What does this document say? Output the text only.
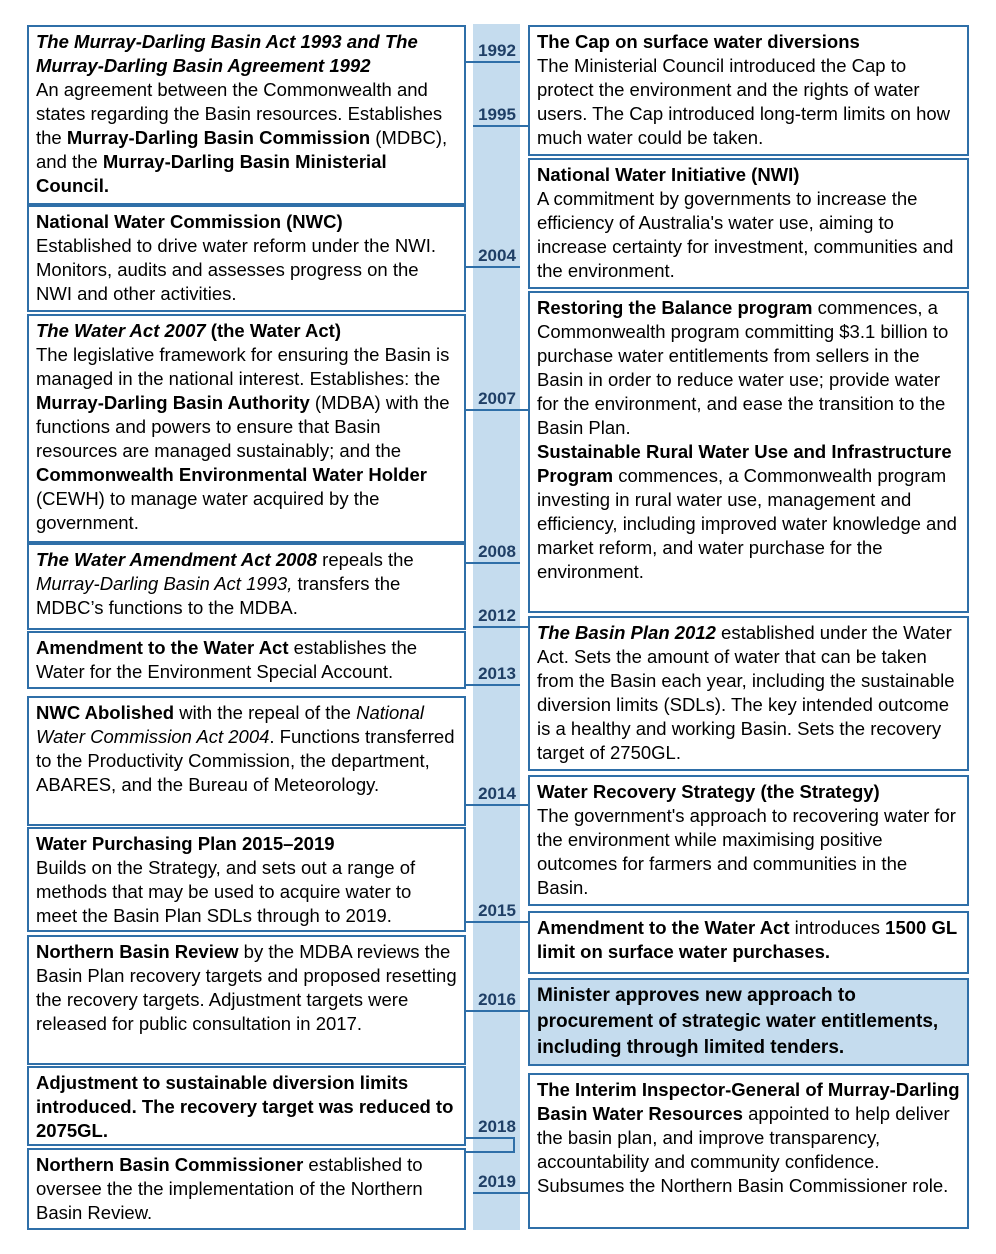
1992
1995
2004
2007
2008
2012
2013
2014
2015
2016
2018
2019
The Murray-Darling Basin Act 1993 and The Murray-Darling Basin Agreement 1992
An agreement between the Commonwealth and states regarding the Basin resources. Establishes the Murray-Darling Basin Commission (MDBC), and the Murray-Darling Basin Ministerial Council.
National Water Commission (NWC)
Established to drive water reform under the NWI. Monitors, audits and assesses progress on the NWI and other activities.
The Water Act 2007 (the Water Act)
The legislative framework for ensuring the Basin is managed in the national interest. Establishes: the Murray-Darling Basin Authority (MDBA) with the functions and powers to ensure that Basin resources are managed sustainably; and the Commonwealth Environmental Water Holder (CEWH) to manage water acquired by the government.
The Water Amendment Act 2008 repeals the Murray-Darling Basin Act 1993, transfers the MDBC’s functions to the MDBA.
Amendment to the Water Act establishes the Water for the Environment Special Account.
NWC Abolished with the repeal of the National Water Commission Act 2004. Functions transferred to the Productivity Commission, the department, ABARES, and the Bureau of Meteorology.
Water Purchasing Plan 2015–2019
Builds on the Strategy, and sets out a range of methods that may be used to acquire water to meet the Basin Plan SDLs through to 2019.
Northern Basin Review by the MDBA reviews the Basin Plan recovery targets and proposed resetting the recovery targets. Adjustment targets were released for public consultation in 2017.
Adjustment to sustainable diversion limits introduced. The recovery target was reduced to 2075GL.
Northern Basin Commissioner established to oversee the the implementation of the Northern Basin Review.
The Cap on surface water diversions
The Ministerial Council introduced the Cap to protect the environment and the rights of water users. The Cap introduced long-term limits on how much water could be taken.
National Water Initiative (NWI)
A commitment by governments to increase the efficiency of Australia's water use, aiming to increase certainty for investment, communities and the environment.
Restoring the Balance program commences, a Commonwealth program committing $3.1 billion to purchase water entitlements from sellers in the Basin in order to reduce water use; provide water for the environment, and ease the transition to the Basin Plan.
Sustainable Rural Water Use and Infrastructure Program commences, a Commonwealth program investing in rural water use, management and efficiency, including improved water knowledge and market reform, and water purchase for the environment.
The Basin Plan 2012 established under the Water Act. Sets the amount of water that can be taken from the Basin each year, including the sustainable diversion limits (SDLs). The key intended outcome is a healthy and working Basin. Sets the recovery target of 2750GL.
Water Recovery Strategy (the Strategy)
The government's approach to recovering water for the environment while maximising positive outcomes for farmers and communities in the Basin.
Amendment to the Water Act introduces 1500 GL limit on surface water purchases.
Minister approves new approach to procurement of strategic water entitlements, including through limited tenders.
The Interim Inspector-General of Murray-Darling Basin Water Resources appointed to help deliver the basin plan, and improve transparency, accountability and community confidence. Subsumes the Northern Basin Commissioner role.
